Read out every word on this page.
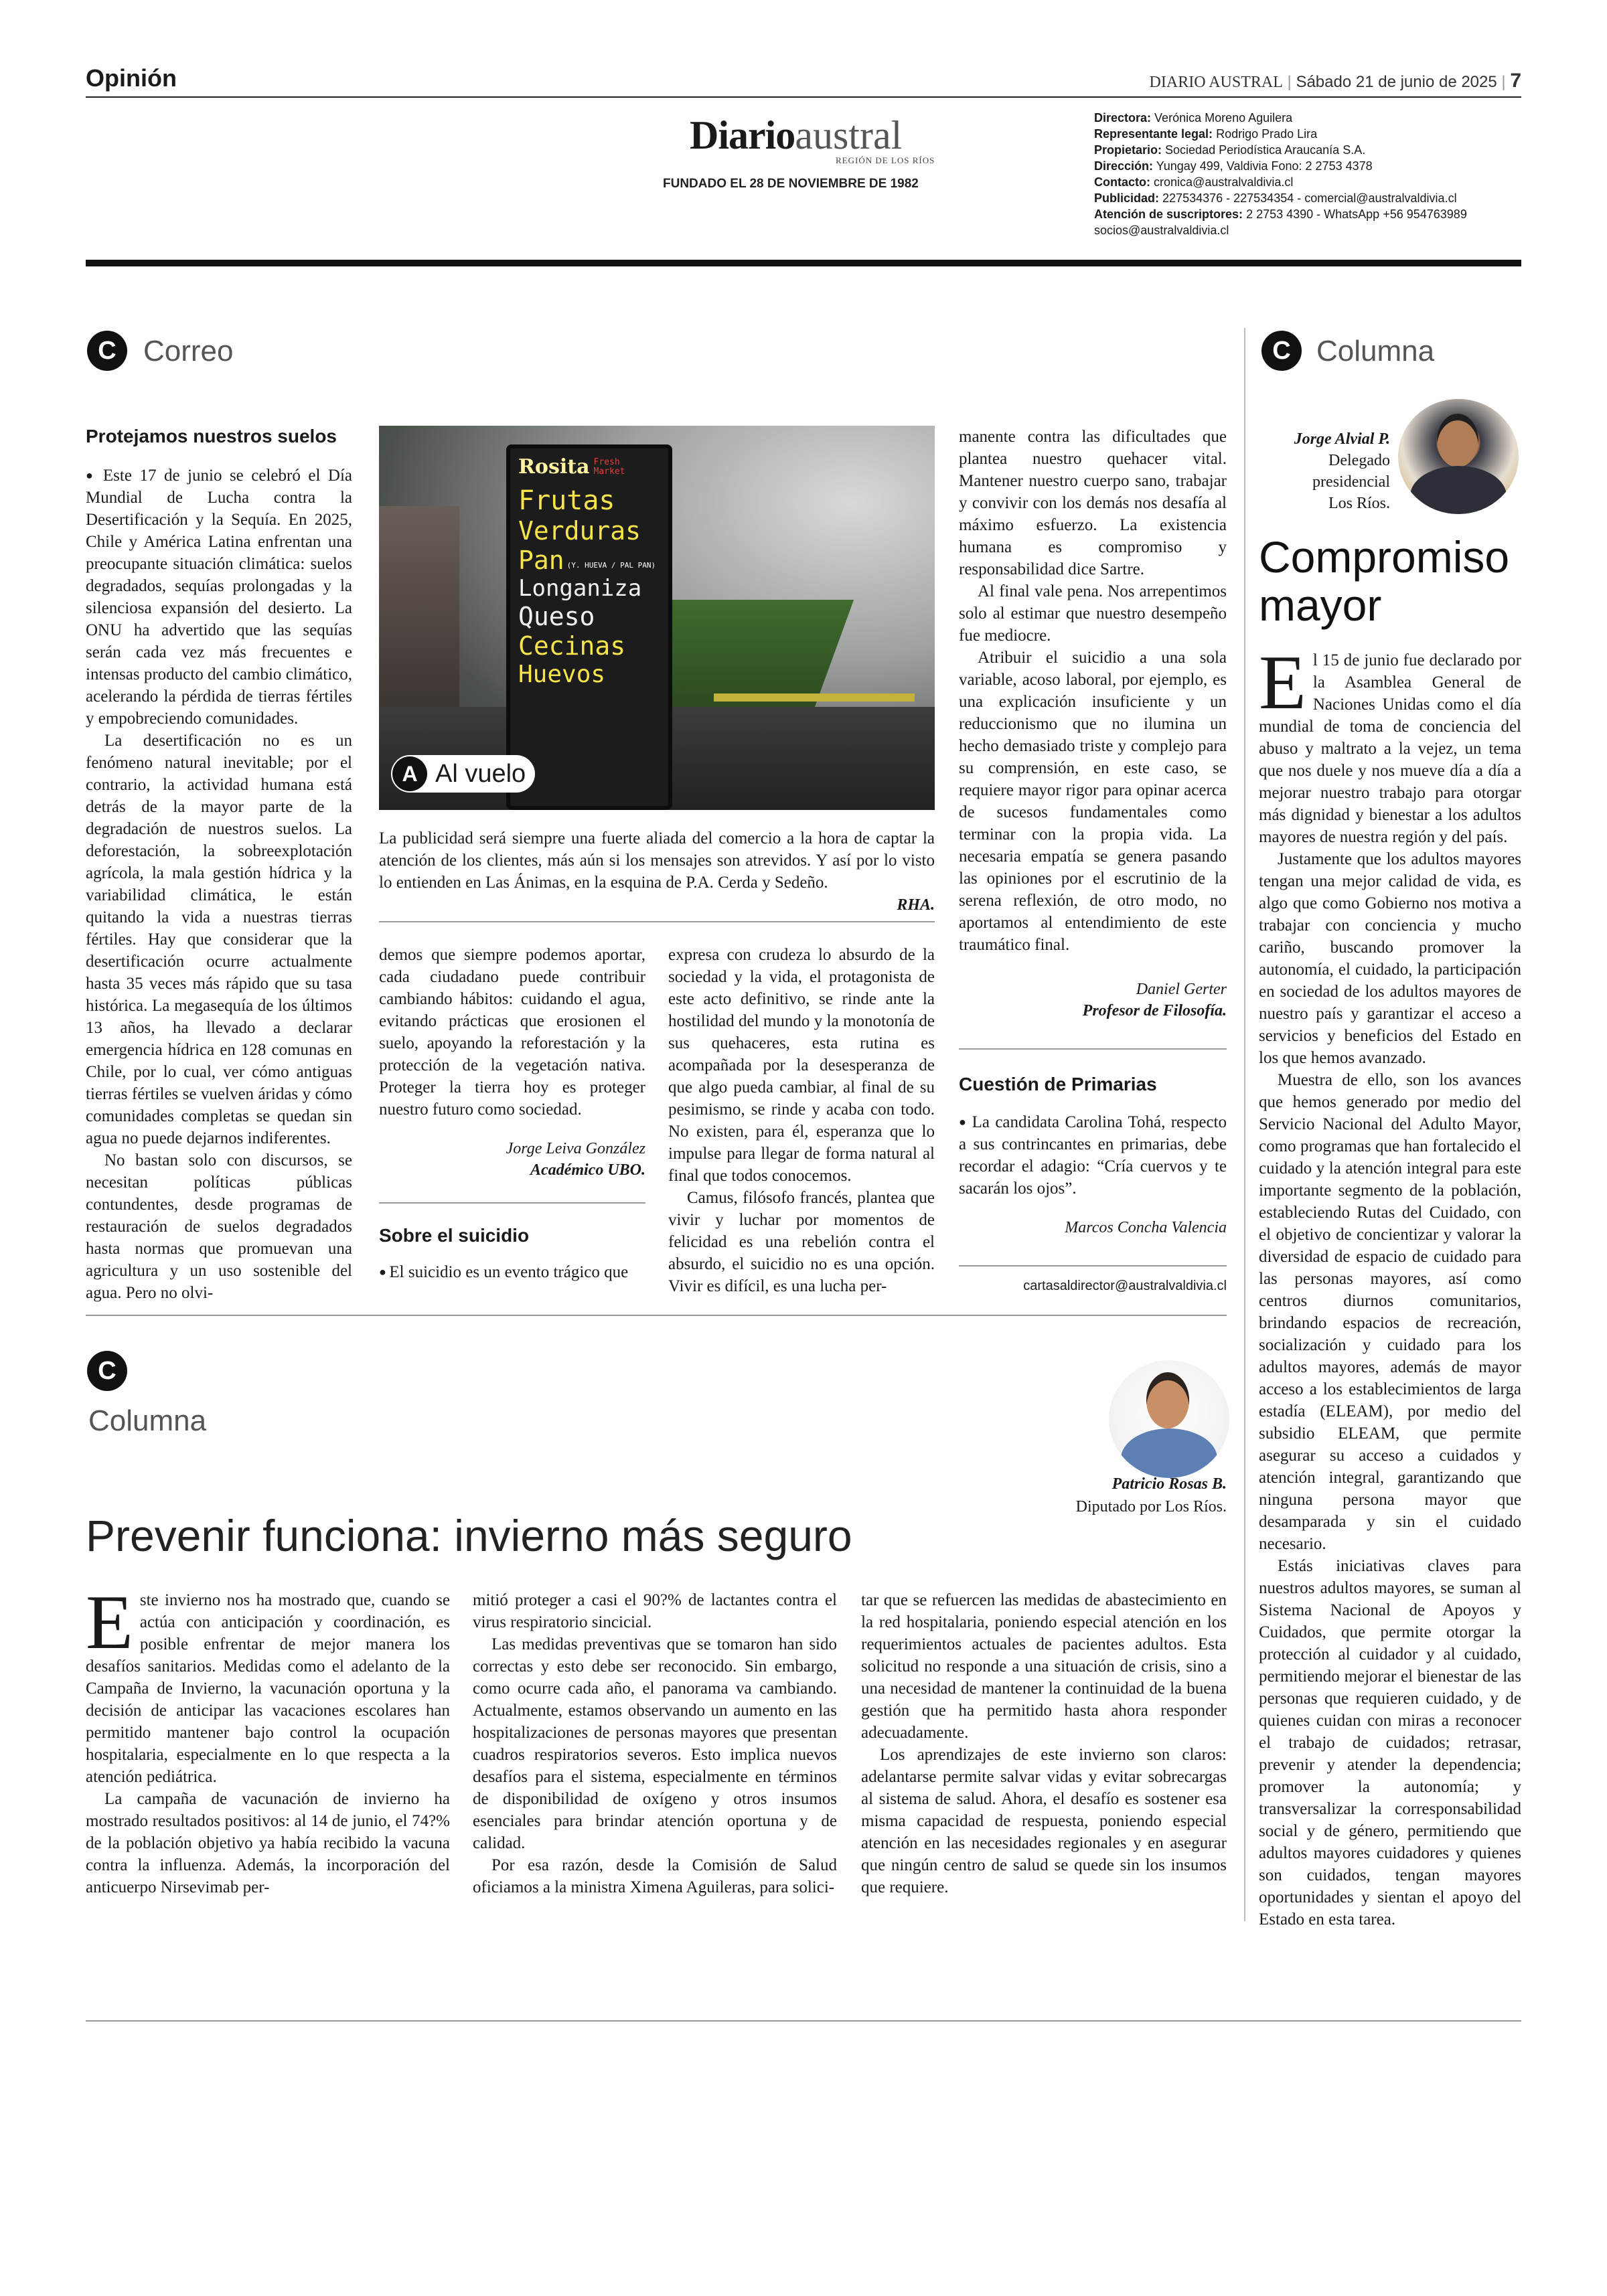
Opinión	DIARIO AUSTRAL | Sábado 21 de junio de 2025 | 7
Diarioaustral
REGIÓN DE LOS RÍOS
FUNDADO EL 28 DE NOVIEMBRE DE 1982
Directora: Verónica Moreno Aguilera
Representante legal: Rodrigo Prado Lira
Propietario: Sociedad Periodística Araucanía S.A.
Dirección: Yungay 499, Valdivia Fono: 2 2753 4378
Contacto: cronica@australvaldivia.cl
Publicidad: 227534376 - 227534354 - comercial@australvaldivia.cl
Atención de suscriptores: 2 2753 4390 - WhatsApp +56 954763989
socios@australvaldivia.cl
C Correo
Protejamos nuestros suelos

● Este 17 de junio se celebró el Día Mundial de Lucha contra la Desertificación y la Sequía. En 2025, Chile y América Latina enfrentan una preocupante situación climática: suelos degradados, sequías prolongadas y la silenciosa expansión del desierto. La ONU ha advertido que las sequías serán cada vez más frecuentes e intensas producto del cambio climático, acelerando la pérdida de tierras fértiles y empobreciendo comunidades.

La desertificación no es un fenómeno natural inevitable; por el contrario, la actividad humana está detrás de la mayor parte de la degradación de nuestros suelos. La deforestación, la sobreexplotación agrícola, la mala gestión hídrica y la variabilidad climática, le están quitando la vida a nuestras tierras fértiles. Hay que considerar que la desertificación ocurre actualmente hasta 35 veces más rápido que su tasa histórica. La megasequía de los últimos 13 años, ha llevado a declarar emergencia hídrica en 128 comunas en Chile, por lo cual, ver cómo antiguas tierras fértiles se vuelven áridas y cómo comunidades completas se quedan sin agua no puede dejarnos indiferentes.

No bastan solo con discursos, se necesitan políticas públicas contundentes, desde programas de restauración de suelos degradados hasta normas que promuevan una agricultura y un uso sostenible del agua. Pero no olvi-

Rosita Fresh Market
Frutas
Verduras
Pan (Y. HUEVA / PAL PAN)
Longaniza
Queso
Cecinas
Huevos
A Al vuelo

La publicidad será siempre una fuerte aliada del comercio a la hora de captar la atención de los clientes, más aún si los mensajes son atrevidos. Y así por lo visto lo entienden en Las Ánimas, en la esquina de P.A. Cerda y Sedeño.

RHA.

demos que siempre podemos aportar, cada ciudadano puede contribuir cambiando hábitos: cuidando el agua, evitando prácticas que erosionen el suelo, apoyando la reforestación y la protección de la vegetación nativa. Proteger la tierra hoy es proteger nuestro futuro como sociedad.

Jorge Leiva González
Académico UBO.
Sobre el suicidio

● El suicidio es un evento trágico que

expresa con crudeza lo absurdo de la sociedad y la vida, el protagonista de este acto definitivo, se rinde ante la hostilidad del mundo y la monotonía de sus quehaceres, esta rutina es acompañada por la desesperanza de que algo pueda cambiar, al final de su pesimismo, se rinde y acaba con todo. No existen, para él, esperanza que lo impulse para llegar de forma natural al final que todos conocemos.

Camus, filósofo francés, plantea que vivir y luchar por momentos de felicidad es una rebelión contra el absurdo, el suicidio no es una opción. Vivir es difícil, es una lucha per-

manente contra las dificultades que plantea nuestro quehacer vital. Mantener nuestro cuerpo sano, trabajar y convivir con los demás nos desafía al máximo esfuerzo. La existencia humana es compromiso y responsabilidad dice Sartre.

Al final vale pena. Nos arrepentimos solo al estimar que nuestro desempeño fue mediocre.

Atribuir el suicidio a una sola variable, acoso laboral, por ejemplo, es una explicación insuficiente y un reduccionismo que no ilumina un hecho demasiado triste y complejo para su comprensión, en este caso, se requiere mayor rigor para opinar acerca de sucesos fundamentales como terminar con la propia vida. La necesaria empatía se genera pasando las opiniones por el escrutinio de la serena reflexión, de otro modo, no aportamos al entendimiento de este traumático final.

Daniel Gerter
Profesor de Filosofía.
Cuestión de Primarias

● La candidata Carolina Tohá, respecto a sus contrincantes en primarias, debe recordar el adagio: “Cría cuervos y te sacarán los ojos”.

Marcos Concha Valencia
cartasaldirector@australvaldivia.cl
C Columna
Jorge Alvial P.
Delegado
presidencial
Los Ríos.
Compromiso mayor

El 15 de junio fue declarado por la Asamblea General de Naciones Unidas como el día mundial de toma de conciencia del abuso y maltrato a la vejez, un tema que nos duele y nos mueve día a día a mejorar nuestro trabajo para otorgar más dignidad y bienestar a los adultos mayores de nuestra región y del país.

Justamente que los adultos mayores tengan una mejor calidad de vida, es algo que como Gobierno nos motiva a trabajar con conciencia y mucho cariño, buscando promover la autonomía, el cuidado, la participación en sociedad de los adultos mayores de nuestro país y garantizar el acceso a servicios y beneficios del Estado en los que hemos avanzado.

Muestra de ello, son los avances que hemos generado por medio del Servicio Nacional del Adulto Mayor, como programas que han fortalecido el cuidado y la atención integral para este importante segmento de la población, estableciendo Rutas del Cuidado, con el objetivo de concientizar y valorar la diversidad de espacio de cuidado para las personas mayores, así como centros diurnos comunitarios, brindando espacios de recreación, socialización y cuidado para los adultos mayores, además de mayor acceso a los establecimientos de larga estadía (ELEAM), por medio del subsidio ELEAM, que permite asegurar su acceso a cuidados y atención integral, garantizando que ninguna persona mayor que desamparada y sin el cuidado necesario.

Estás iniciativas claves para nuestros adultos mayores, se suman al Sistema Nacional de Apoyos y Cuidados, que permite otorgar la protección al cuidador y al cuidado, permitiendo mejorar el bienestar de las personas que requieren cuidado, y de quienes cuidan con miras a reconocer el trabajo de cuidados; retrasar, prevenir y atender la dependencia; promover la autonomía; y transversalizar la corresponsabilidad social y de género, permitiendo que adultos mayores cuidadores y quienes son cuidados, tengan mayores oportunidades y sientan el apoyo del Estado en esta tarea.

C
Columna
Patricio Rosas B.
Diputado por Los Ríos.
Prevenir funciona: invierno más seguro

Este invierno nos ha mostrado que, cuando se actúa con anticipación y coordinación, es posible enfrentar de mejor manera los desafíos sanitarios. Medidas como el adelanto de la Campaña de Invierno, la vacunación oportuna y la decisión de anticipar las vacaciones escolares han permitido mantener bajo control la ocupación hospitalaria, especialmente en lo que respecta a la atención pediátrica.

La campaña de vacunación de invierno ha mostrado resultados positivos: al 14 de junio, el 74?% de la población objetivo ya había recibido la vacuna contra la influenza. Además, la incorporación del anticuerpo Nirsevimab per-

mitió proteger a casi el 90?% de lactantes contra el virus respiratorio sincicial.

Las medidas preventivas que se tomaron han sido correctas y esto debe ser reconocido. Sin embargo, como ocurre cada año, el panorama va cambiando. Actualmente, estamos observando un aumento en las hospitalizaciones de personas mayores que presentan cuadros respiratorios severos. Esto implica nuevos desafíos para el sistema, especialmente en términos de disponibilidad de oxígeno y otros insumos esenciales para brindar atención oportuna y de calidad.

Por esa razón, desde la Comisión de Salud oficiamos a la ministra Ximena Aguileras, para solici-

tar que se refuercen las medidas de abastecimiento en la red hospitalaria, poniendo especial atención en los requerimientos actuales de pacientes adultos. Esta solicitud no responde a una situación de crisis, sino a una necesidad de mantener la continuidad de la buena gestión que ha permitido hasta ahora responder adecuadamente.

Los aprendizajes de este invierno son claros: adelantarse permite salvar vidas y evitar sobrecargas al sistema de salud. Ahora, el desafío es sostener esa misma capacidad de respuesta, poniendo especial atención en las necesidades regionales y en asegurar que ningún centro de salud se quede sin los insumos que requiere.
